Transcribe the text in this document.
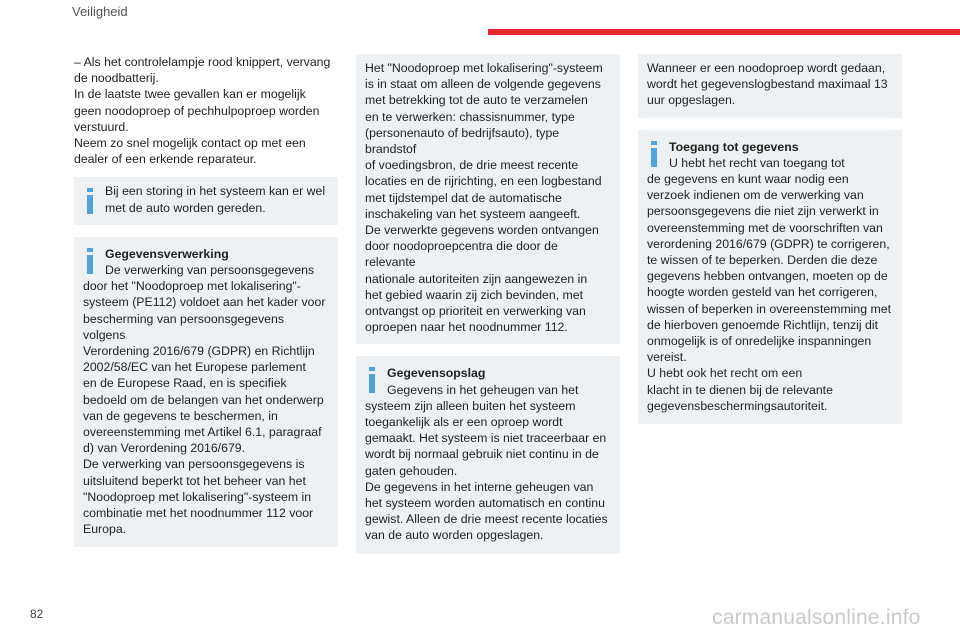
Veiligheid

– Als het controlelampje rood knippert, vervang

de noodbatterij.

In de laatste twee gevallen kan er mogelijk

geen noodoproep of pechhulpoproep worden

verstuurd.

Neem zo snel mogelijk contact op met een

dealer of een erkende reparateur.

Bij een storing in het systeem kan er wel

met de auto worden gereden.

Gegevensverwerking
De verwerking van persoonsgegevens

door het "Noodoproep met lokalisering"-

systeem (PE112) voldoet aan het kader voor

bescherming van persoonsgegevens volgens

Verordening 2016/679 (GDPR) en Richtlijn

2002/58/EC van het Europese parlement

en de Europese Raad, en is specifiek

bedoeld om de belangen van het onderwerp

van de gegevens te beschermen, in

overeenstemming met Artikel 6.1, paragraaf

d) van Verordening 2016/679.

De verwerking van persoonsgegevens is

uitsluitend beperkt tot het beheer van het

"Noodoproep met lokalisering"-systeem in

combinatie met het noodnummer 112 voor

Europa.

Het "Noodoproep met lokalisering"-systeem

is in staat om alleen de volgende gegevens

met betrekking tot de auto te verzamelen

en te verwerken: chassisnummer, type

(personenauto of bedrijfsauto), type brandstof

of voedingsbron, de drie meest recente

locaties en de rijrichting, en een logbestand

met tijdstempel dat de automatische

inschakeling van het systeem aangeeft.

De verwerkte gegevens worden ontvangen

door noodoproepcentra die door de relevante

nationale autoriteiten zijn aangewezen in

het gebied waarin zij zich bevinden, met

ontvangst op prioriteit en verwerking van

oproepen naar het noodnummer 112.

Gegevensopslag
Gegevens in het geheugen van het

systeem zijn alleen buiten het systeem

toegankelijk als er een oproep wordt

gemaakt. Het systeem is niet traceerbaar en

wordt bij normaal gebruik niet continu in de

gaten gehouden.

De gegevens in het interne geheugen van

het systeem worden automatisch en continu

gewist. Alleen de drie meest recente locaties

van de auto worden opgeslagen.

Wanneer er een noodoproep wordt gedaan,

wordt het gegevenslogbestand maximaal 13

uur opgeslagen.

Toegang tot gegevens
U hebt het recht van toegang tot

de gegevens en kunt waar nodig een

verzoek indienen om de verwerking van

persoonsgegevens die niet zijn verwerkt in

overeenstemming met de voorschriften van

verordening 2016/679 (GDPR) te corrigeren,

te wissen of te beperken. Derden die deze

gegevens hebben ontvangen, moeten op de

hoogte worden gesteld van het corrigeren,

wissen of beperken in overeenstemming met

de hierboven genoemde Richtlijn, tenzij dit

onmogelijk is of onredelijke inspanningen

vereist.

U hebt ook het recht om een

klacht in te dienen bij de relevante

gegevensbeschermingsautoriteit.

82	carmanualsonline.info
